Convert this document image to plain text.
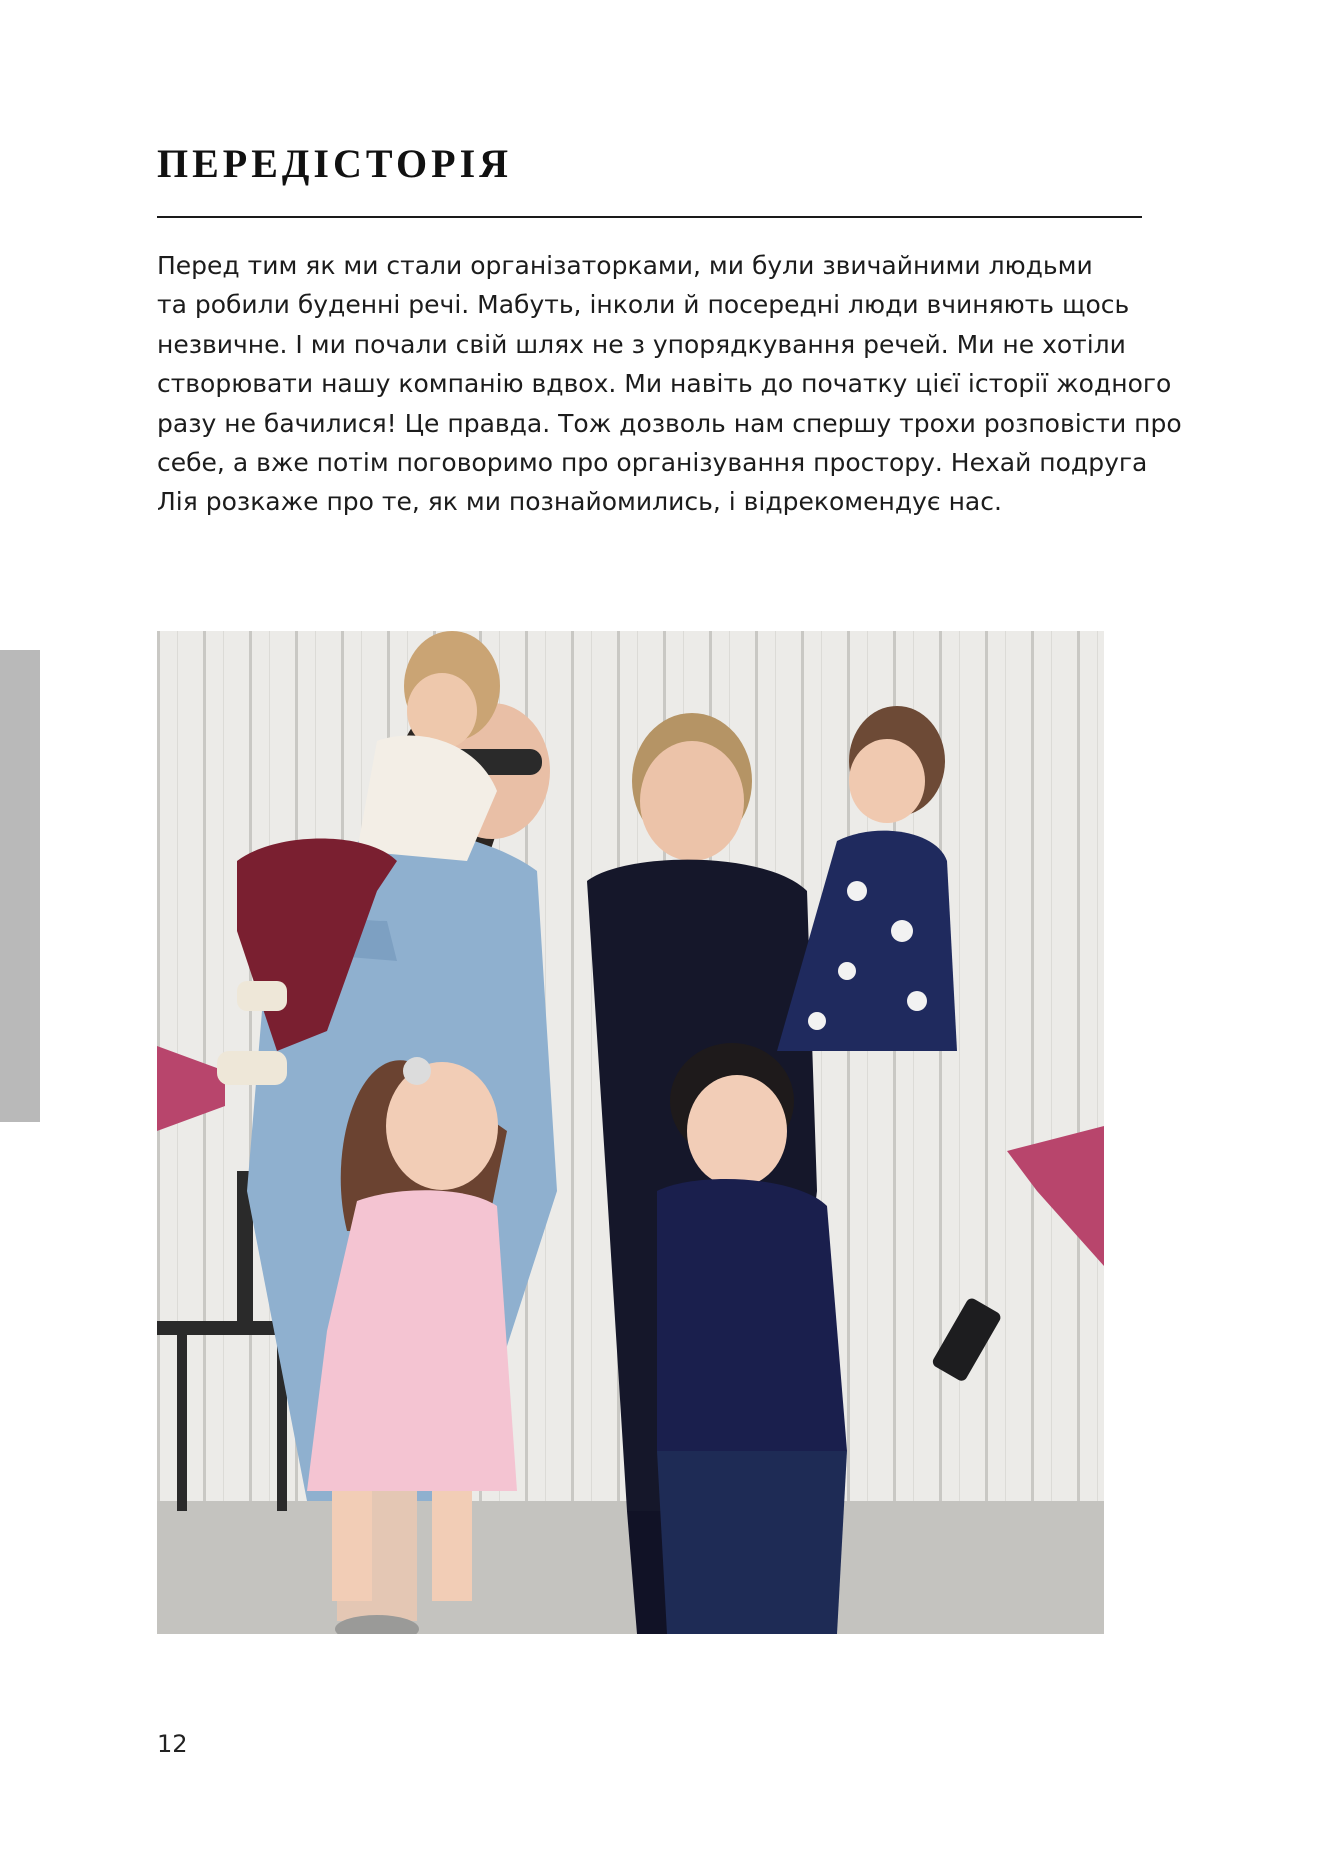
ПЕРЕДІСТОРІЯ

Перед тим як ми стали організаторками, ми були звичайними людьми
та робили буденні речі. Мабуть, інколи й посередні люди вчиняють щось
незвичне. І ми почали свій шлях не з упорядкування речей. Ми не хотіли
створювати нашу компанію вдвох. Ми навіть до початку цієї історії жодного
разу не бачилися! Це правда. Тож дозволь нам спершу трохи розповісти про
себе, а вже потім поговоримо про організування простору. Нехай подруга
Лія розкаже про те, як ми познайомились, і відрекомендує нас.

12
